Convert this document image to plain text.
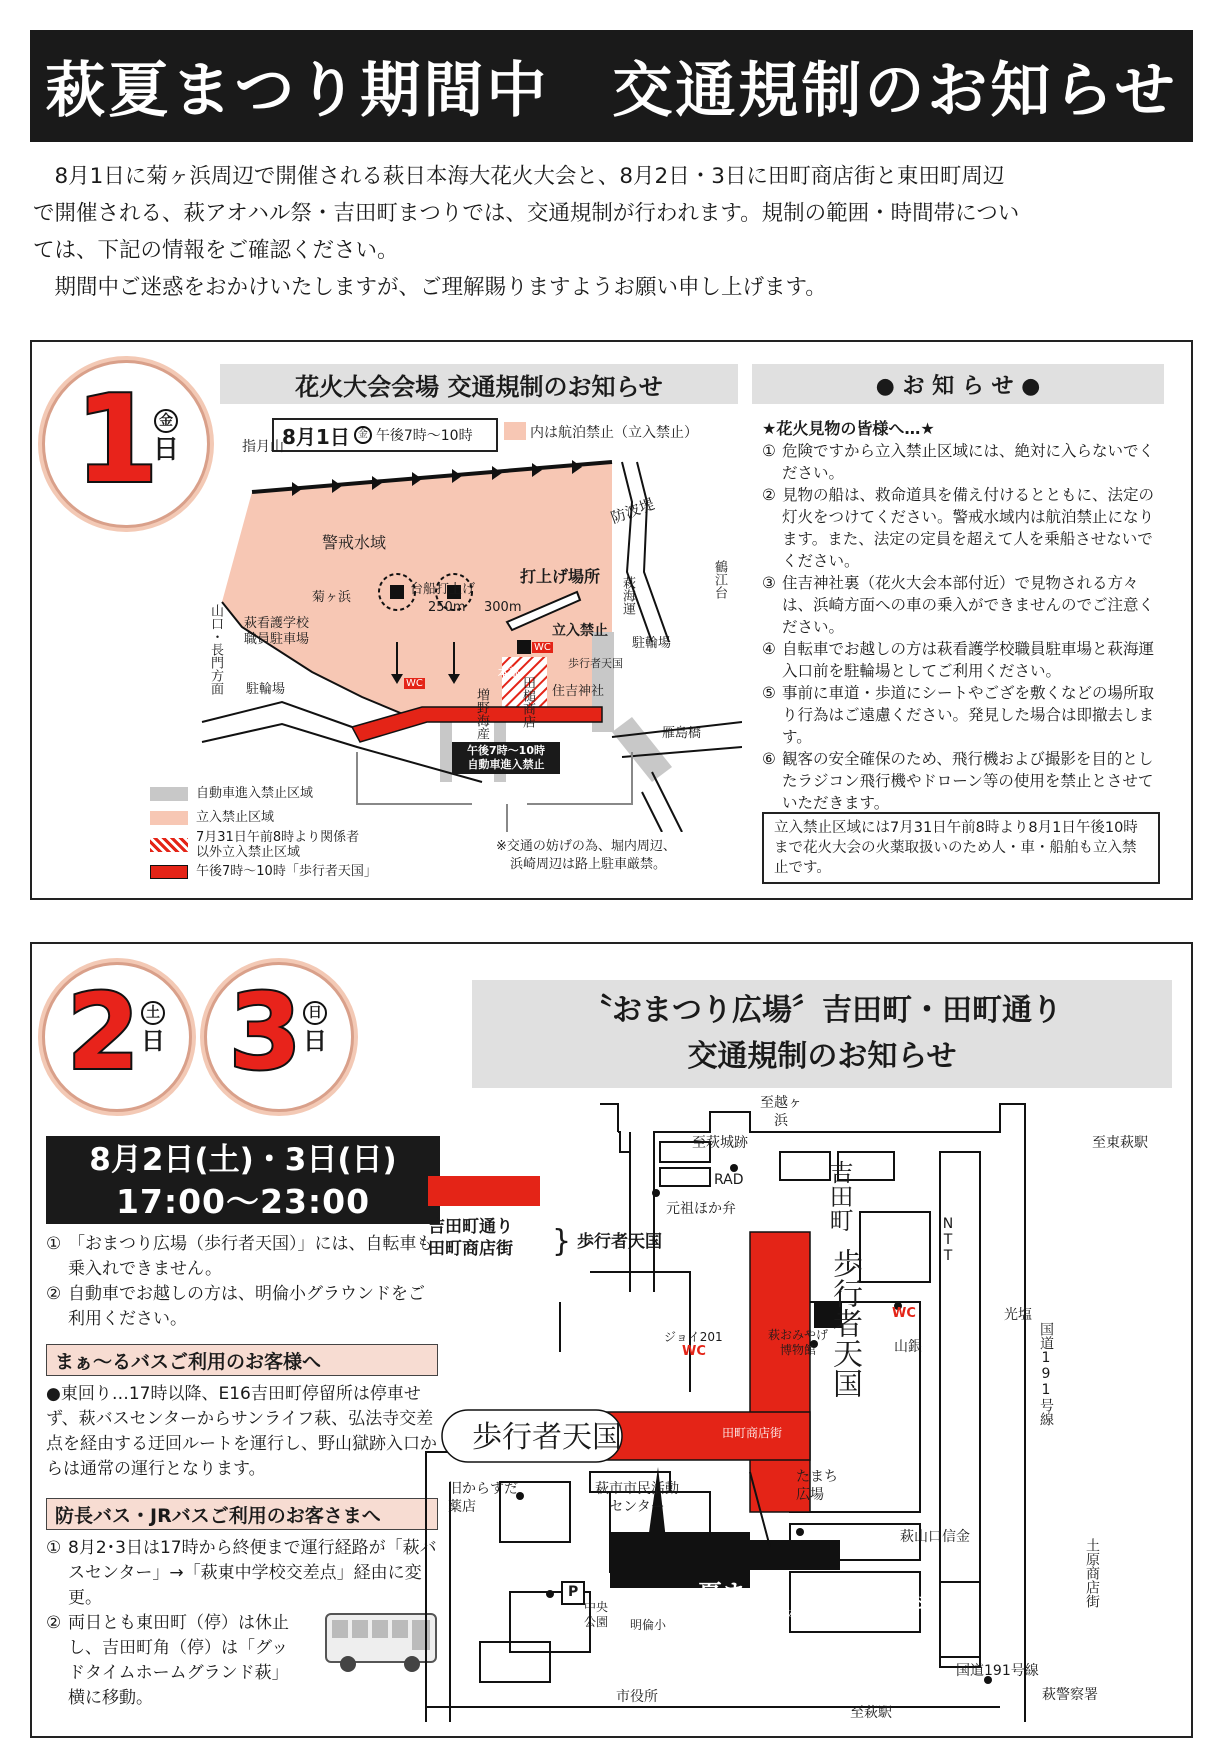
萩夏まつり期間中　交通規制のお知らせ
　8月1日に菊ヶ浜周辺で開催される萩日本海大花火大会と、8月2日・3日に田町商店街と東田町周辺
で開催される、萩アオハル祭・吉田町まつりでは、交通規制が行われます。規制の範囲・時間帯につい
ては、下記の情報をご確認ください。
　期間中ご迷惑をおかけいたしますが、ご理解賜りますようお願い申し上げます。
1 金
日
花火大会会場 交通規制のお知らせ
8月1日 金 午後7時〜10時	内は航泊禁止（立入禁止）
指月山
警戒水域
防波堤
打上げ場所
台船打上げ
250m 300m
菊ヶ浜	萩海運	鶴江台
駐輪場
立入禁止
本部
WC
歩行者天国
山口・長門方面 萩看護学校
職員駐車場
駐輪場	WC
増野海産 田槌商店 住吉神社
雁島橋
午後7時〜10時
自動車進入禁止
自動車進入禁止区域
立入禁止区域
7月31日午前8時より関係者以外立入禁止区域
午後7時〜10時「歩行者天国」
※交通の妨げの為、堀内周辺、
浜崎周辺は路上駐車厳禁。
● お 知 ら せ ●
★花火見物の皆様へ…★
① 危険ですから立入禁止区域には、絶対に入らないでください。
② 見物の船は、救命道具を備え付けるとともに、法定の灯火をつけてください。警戒水域内は航泊禁止になります。また、法定の定員を超えて人を乗船させないでください。
③ 住吉神社裏（花火大会本部付近）で見物される方々は、浜崎方面への車の乗入ができませんのでご注意ください。
④ 自転車でお越しの方は萩看護学校職員駐車場と萩海運入口前を駐輪場としてご利用ください。
⑤ 事前に車道・歩道にシートやござを敷くなどの場所取り行為はご遠慮ください。発見した場合は即撤去します。
⑥ 観客の安全確保のため、飛行機および撮影を目的としたラジコン飛行機やドローン等の使用を禁止とさせていただきます。
立入禁止区域には7月31日午前8時より8月1日午後10時まで花火大会の火薬取扱いのため人・車・船舶も立入禁止です。
2 土
日 3 日
日
〝おまつり広場〞吉田町・田町通り
交通規制のお知らせ
8月2日(土)・3日(日)
17:00〜23:00
① 「おまつり広場（歩行者天国）」には、自転車も乗入れできません。
② 自動車でお越しの方は、明倫小グラウンドをご利用ください。
まぁ〜るバスご利用のお客様へ
●東回り…17時以降、E16吉田町停留所は停車せず、萩バスセンターからサンライフ萩、弘法寺交差点を経由する迂回ルートを運行し、野山獄跡入口からは通常の運行となります。
防長バス・JRバスご利用のお客さまへ
① 8月2･3日は17時から終便まで運行経路が「萩バスセンター」→「萩東中学校交差点」経由に変更。
② 両日とも東田町（停）は休止し、吉田町角（停）は「グッドタイムホームグランド萩」横に移動。
吉田町通り
田町商店街 } 歩行者天国
至越ヶ浜
至萩城跡	至東萩駅
RAD
元祖ほか弁	吉田町
NTT
歩行者天国 WC	光塩
山銀
ジョイ201
WC
萩おみやげ博物館
田町商店街
歩行者天国
国道191号線
旧からすだ薬店
萩市市民活動センター
たまち広場
萩山口信金
土原商店街
夏まつり本部
警備本部
ステージ
中央公園	明倫小
P
国道191号線
市役所
至萩駅
萩警察署
